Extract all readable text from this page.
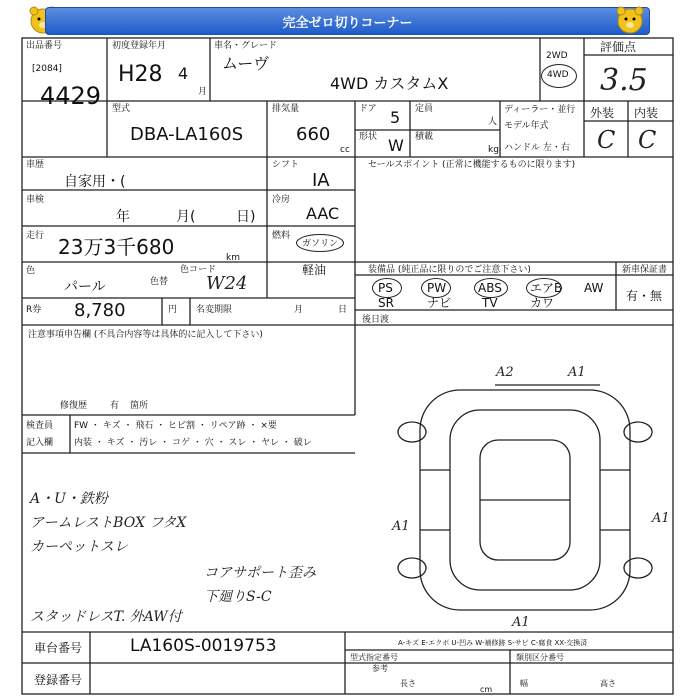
完全ゼロ切りコーナー
出品番号
[2084]
4429
初度登録年月
H28 4
月
車名・グレード
ムーヴ
4WD カスタムX
2WD
4WD
評価点
3.5
外装 内装
C C
型式
DBA-LA160S
排気量
660
cc
ドア 5
形状 W
定員
人
積載
kg
ディーラー・並行
モデル年式
ハンドル 左・右
車歴
自家用・(
車検
年	月(	日)
走行 23万3千680	km
色
パール	色替
色コード
W24
シフト
IA
冷房
AAC
燃料
ガソリン
軽油
R券 8,780	円 名変期限	月	日
セールスポイント (正常に機能するものに限ります)
装備品 (純正品に限りのでご注意下さい)
PS	PW	ABS エアB AW
SR	ナビ	TV	カワ
新車保証書
有・無
後日渡
注意事項申告欄 (不具合内容等は具体的に記入して下さい)
修復歴	有 箇所
検査員
記入欄
FW ・ キズ ・ 飛石 ・ ヒビ割 ・ リペア跡 ・ ×要
内装 ・ キズ ・ 汚レ ・ コゲ ・ 穴 ・ スレ ・ ヤレ ・ 破レ
A・U・鉄粉
アームレストBOX フタX
カーペットスレ
コアサポート歪み
下廻りS-C
スタッドレスT. 外AW付
A2	A1
A1
A1
A1
A-キズ E-エクボ U-凹み W-補修跡 S-サビ C-腐食 XX-交換済
車台番号	LA160S-0019753
登録番号
型式指定番号
参考
類別区分番号
長さ	幅	高さ
cm
